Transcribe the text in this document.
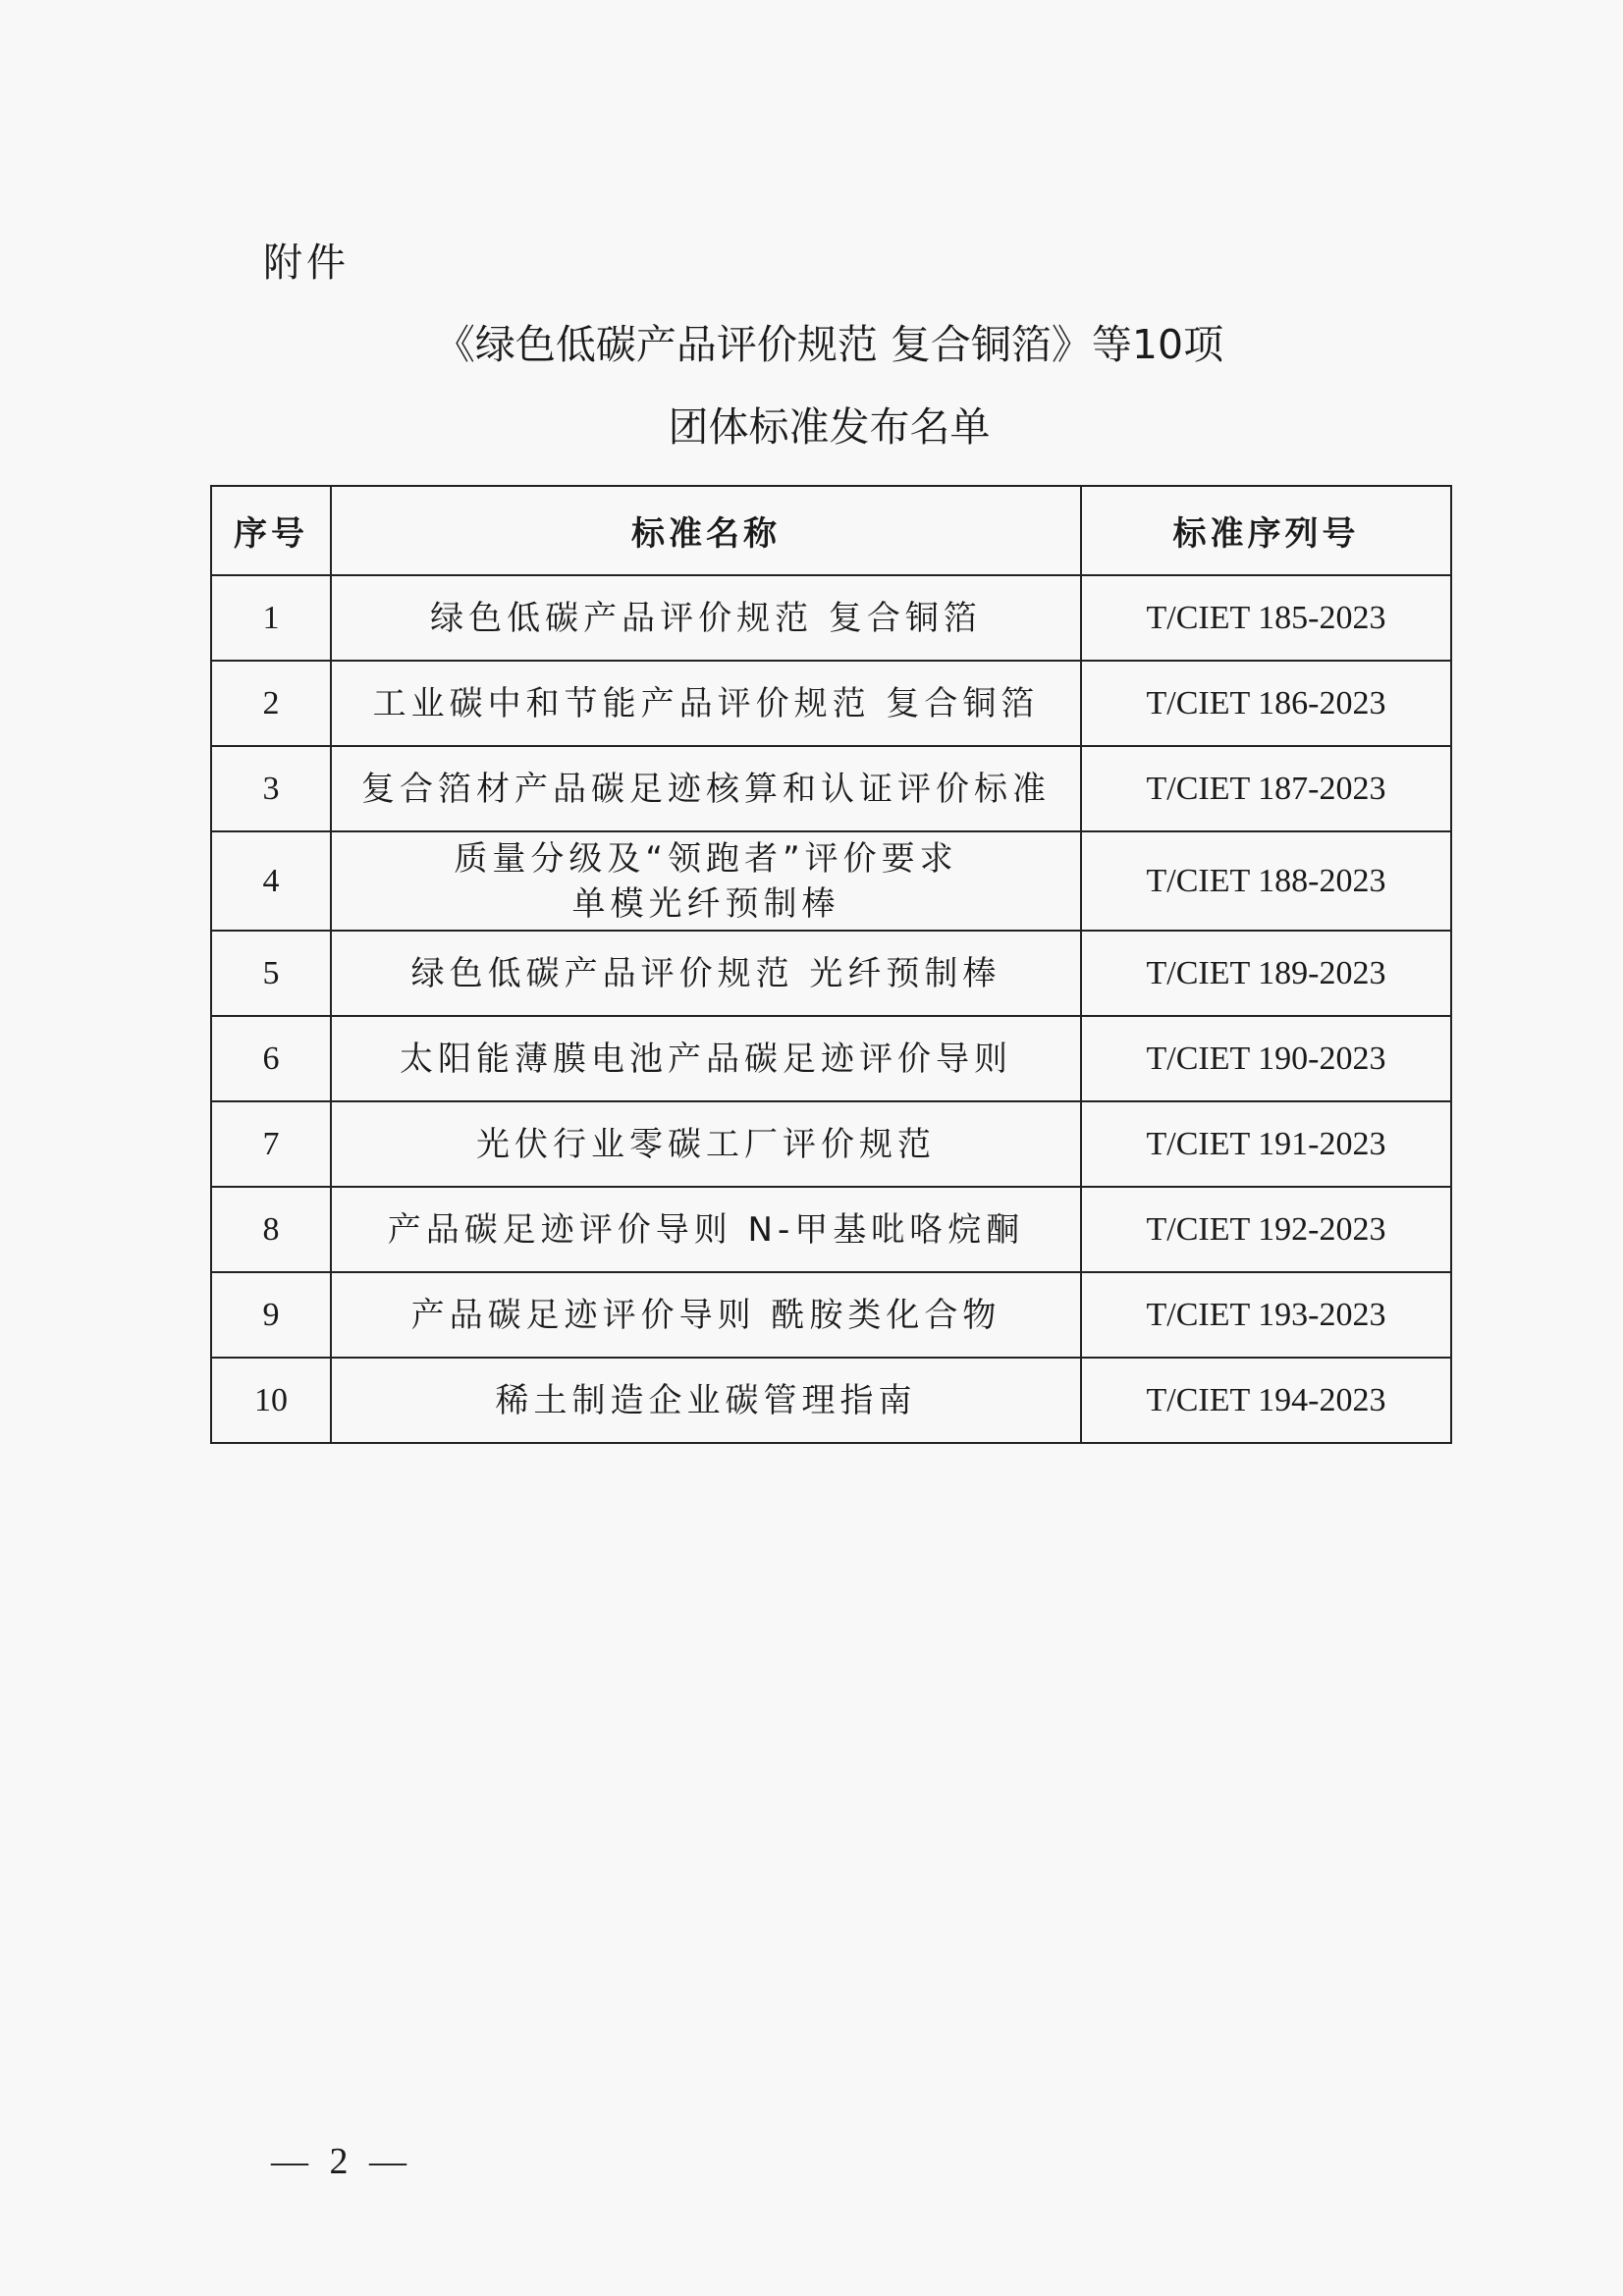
附件
《绿色低碳产品评价规范 复合铜箔》等10项
团体标准发布名单
序号	标准名称	标准序列号
1	绿色低碳产品评价规范 复合铜箔	T/CIET 185-2023
2	工业碳中和节能产品评价规范 复合铜箔	T/CIET 186-2023
3	复合箔材产品碳足迹核算和认证评价标准	T/CIET 187-2023
4	质量分级及“领跑者”评价要求
单模光纤预制棒	T/CIET 188-2023
5	绿色低碳产品评价规范 光纤预制棒	T/CIET 189-2023
6	太阳能薄膜电池产品碳足迹评价导则	T/CIET 190-2023
7	光伏行业零碳工厂评价规范	T/CIET 191-2023
8	产品碳足迹评价导则 N-甲基吡咯烷酮	T/CIET 192-2023
9	产品碳足迹评价导则 酰胺类化合物	T/CIET 193-2023
10	稀土制造企业碳管理指南	T/CIET 194-2023
— 2 —
